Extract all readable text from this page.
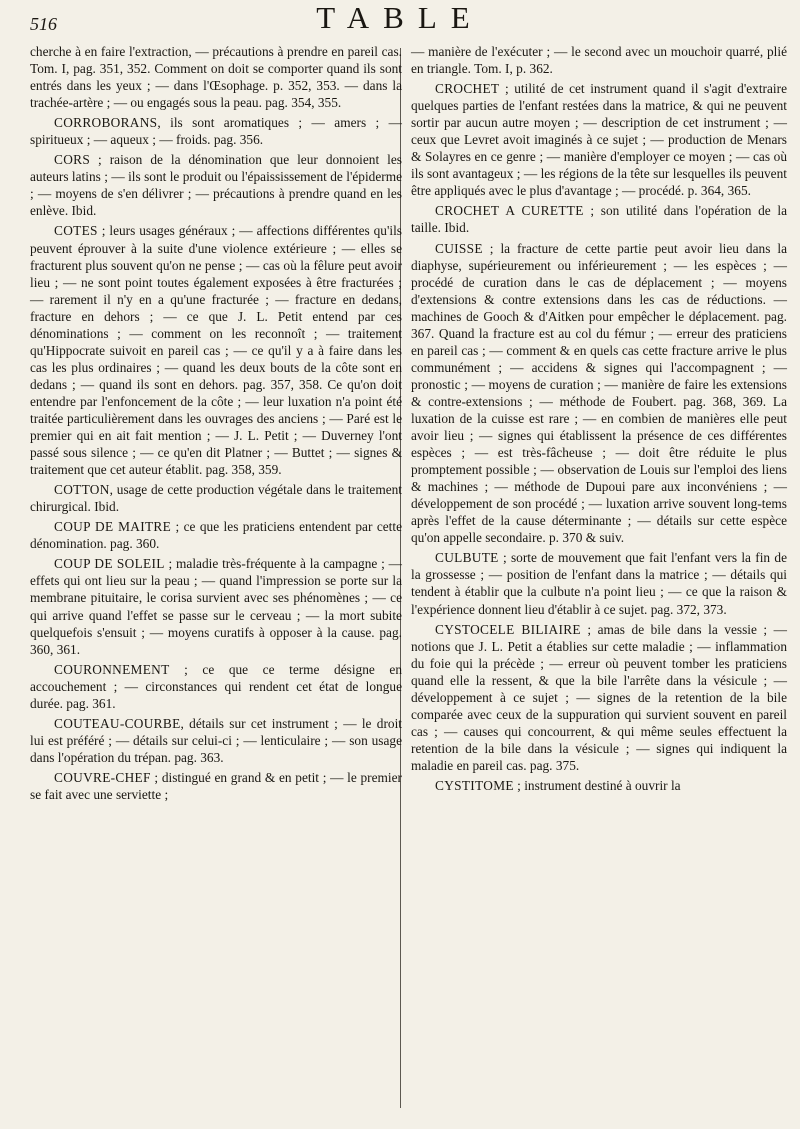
516	TABLE

cherche à en faire l'extraction, — précautions à prendre en pareil cas. Tom. I, pag. 351, 352. Comment on doit se comporter quand ils sont entrés dans les yeux ; — dans l'Œsophage. p. 352, 353. — dans la trachée-artère ; — ou engagés sous la peau. pag. 354, 355.

CORROBORANS, ils sont aromatiques ; — amers ; — spiritueux ; — aqueux ; — froids. pag. 356.

CORS ; raison de la dénomination que leur donnoient les auteurs latins ; — ils sont le produit ou l'épaississement de l'épiderme ; — moyens de s'en délivrer ; — précautions à prendre quand en les enlève. Ibid.

COTES ; leurs usages généraux ; — affections différentes qu'ils peuvent éprouver à la suite d'une violence extérieure ; — elles se fracturent plus souvent qu'on ne pense ; — cas où la fêlure peut avoir lieu ; — ne sont point toutes également exposées à être fracturées ; — rarement il n'y en a qu'une fracturée ; — fracture en dedans, fracture en dehors ; — ce que J. L. Petit entend par ces dénominations ; — comment on les reconnoît ; — traitement qu'Hippocrate suivoit en pareil cas ; — ce qu'il y a à faire dans les cas les plus ordinaires ; — quand les deux bouts de la côte sont en dedans ; — quand ils sont en dehors. pag. 357, 358. Ce qu'on doit entendre par l'enfoncement de la côte ; — leur luxation n'a point été traitée particulièrement dans les ouvrages des anciens ; — Paré est le premier qui en ait fait mention ; — J. L. Petit ; — Duverney l'ont passé sous silence ; — ce qu'en dit Platner ; — Buttet ; — signes & traitement que cet auteur établit. pag. 358, 359.

COTTON, usage de cette production végétale dans le traitement chirurgical. Ibid.

COUP DE MAITRE ; ce que les praticiens entendent par cette dénomination. pag. 360.

COUP DE SOLEIL ; maladie très-fréquente à la campagne ; — effets qui ont lieu sur la peau ; — quand l'impression se porte sur la membrane pituitaire, le corisa survient avec ses phénomènes ; — ce qui arrive quand l'effet se passe sur le cerveau ; — la mort subite quelquefois s'ensuit ; — moyens curatifs à opposer à la cause. pag. 360, 361.

COURONNEMENT ; ce que ce terme désigne en accouchement ; — circonstances qui rendent cet état de longue durée. pag. 361.

COUTEAU-COURBE, détails sur cet instrument ; — le droit lui est préféré ; — détails sur celui-ci ; — lenticulaire ; — son usage dans l'opération du trépan. pag. 363.

COUVRE-CHEF ; distingué en grand & en petit ; — le premier se fait avec une serviette ;

— manière de l'exécuter ; — le second avec un mouchoir quarré, plié en triangle. Tom. I, p. 362.

CROCHET ; utilité de cet instrument quand il s'agit d'extraire quelques parties de l'enfant restées dans la matrice, & qui ne peuvent sortir par aucun autre moyen ; — description de cet instrument ; — ceux que Levret avoit imaginés à ce sujet ; — production de Menars & Solayres en ce genre ; — manière d'employer ce moyen ; — cas où ils sont avantageux ; — les régions de la tête sur lesquelles ils peuvent être appliqués avec le plus d'avantage ; — procédé. p. 364, 365.

CROCHET A CURETTE ; son utilité dans l'opération de la taille. Ibid.

CUISSE ; la fracture de cette partie peut avoir lieu dans la diaphyse, supérieurement ou inférieurement ; — les espèces ; — procédé de curation dans le cas de déplacement ; — moyens d'extensions & contre extensions dans les cas de réductions. — machines de Gooch & d'Aitken pour empêcher le déplacement. pag. 367. Quand la fracture est au col du fémur ; — erreur des praticiens en pareil cas ; — comment & en quels cas cette fracture arrive le plus communément ; — accidens & signes qui l'accompagnent ; — pronostic ; — moyens de curation ; — manière de faire les extensions & contre-extensions ; — méthode de Foubert. pag. 368, 369. La luxation de la cuisse est rare ; — en combien de manières elle peut avoir lieu ; — signes qui établissent la présence de ces différentes espèces ; — est très-fâcheuse ; — doit être réduite le plus promptement possible ; — observation de Louis sur l'emploi des liens & machines ; — méthode de Dupoui pare aux inconvéniens ; — développement de son procédé ; — luxation arrive souvent long-tems après l'effet de la cause déterminante ; — détails sur cette espèce qu'on appelle secondaire. p. 370 & suiv.

CULBUTE ; sorte de mouvement que fait l'enfant vers la fin de la grossesse ; — position de l'enfant dans la matrice ; — détails qui tendent à établir que la culbute n'a point lieu ; — ce que la raison & l'expérience donnent lieu d'établir à ce sujet. pag. 372, 373.

CYSTOCELE BILIAIRE ; amas de bile dans la vessie ; — notions que J. L. Petit a établies sur cette maladie ; — inflammation du foie qui la précède ; — erreur où peuvent tomber les praticiens quand elle la ressent, & que la bile l'arrête dans la vésicule ; — développement à ce sujet ; — signes de la retention de la bile comparée avec ceux de la suppuration qui survient souvent en pareil cas ; — causes qui concourrent, & qui même seules effectuent la retention de la bile dans la vésicule ; — signes qui indiquent la maladie en pareil cas. pag. 375.

CYSTITOME ; instrument destiné à ouvrir la
